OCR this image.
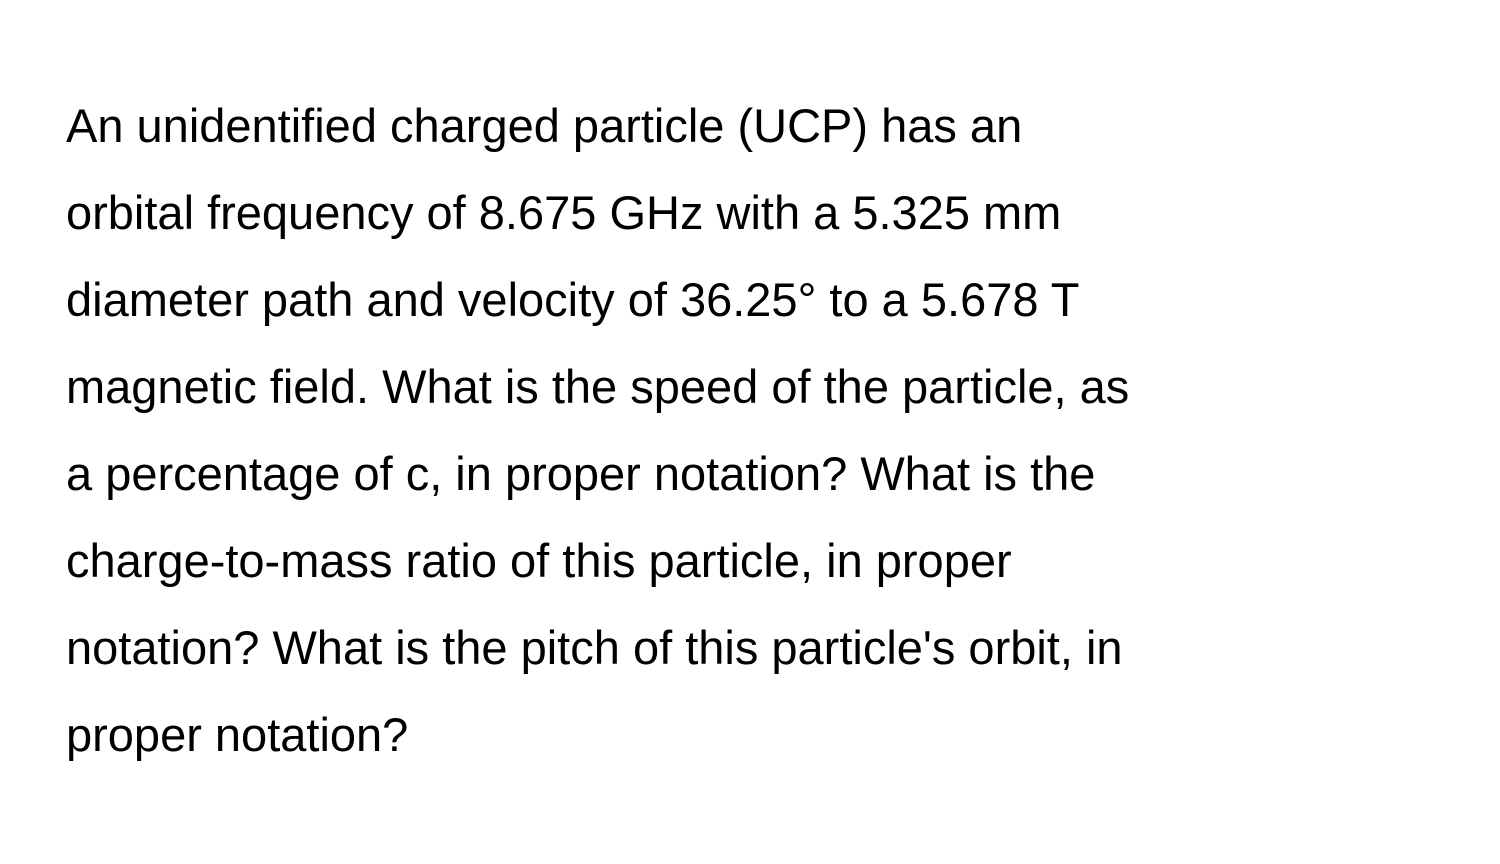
An unidentified charged particle (UCP) has an
orbital frequency of 8.675 GHz with a 5.325 mm
diameter path and velocity of 36.25° to a 5.678 T
magnetic field. What is the speed of the particle, as
a percentage of c, in proper notation? What is the
charge-to-mass ratio of this particle, in proper
notation? What is the pitch of this particle's orbit, in
proper notation?
